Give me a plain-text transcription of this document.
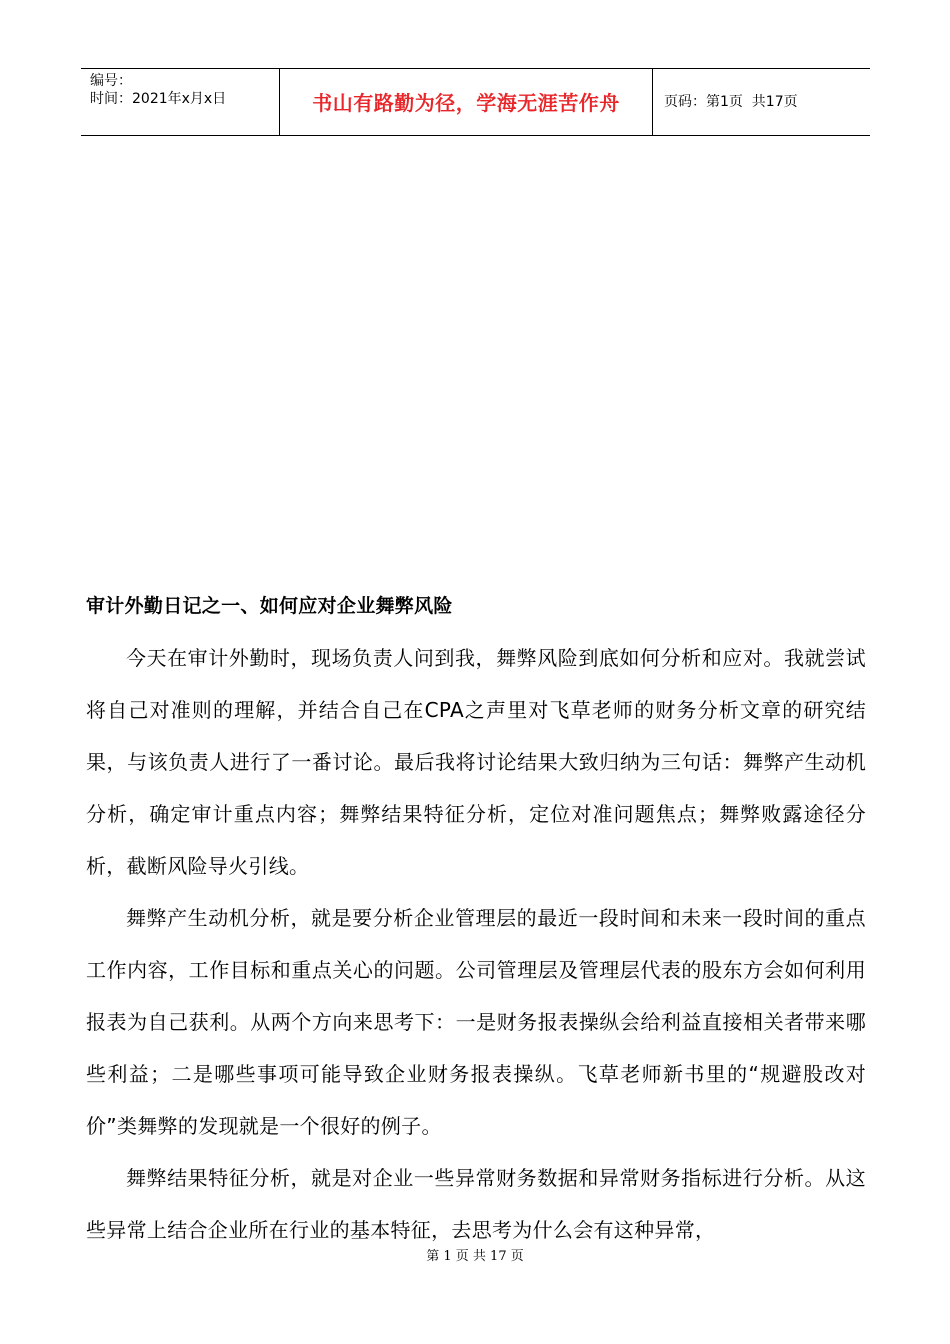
编号：
时间：2021年x月x日	书山有路勤为径，学海无涯苦作舟	页码：第1页  共17页
审计外勤日记之一、如何应对企业舞弊风险

今天在审计外勤时，现场负责人问到我，舞弊风险到底如何分析和应对。我就尝试将自己对准则的理解，并结合自己在CPA之声里对飞草老师的财务分析文章的研究结果，与该负责人进行了一番讨论。最后我将讨论结果大致归纳为三句话：舞弊产生动机分析，确定审计重点内容；舞弊结果特征分析，定位对准问题焦点；舞弊败露途径分析，截断风险导火引线。

舞弊产生动机分析，就是要分析企业管理层的最近一段时间和未来一段时间的重点工作内容，工作目标和重点关心的问题。公司管理层及管理层代表的股东方会如何利用报表为自己获利。从两个方向来思考下：一是财务报表操纵会给利益直接相关者带来哪些利益；二是哪些事项可能导致企业财务报表操纵。飞草老师新书里的“规避股改对价”类舞弊的发现就是一个很好的例子。

舞弊结果特征分析，就是对企业一些异常财务数据和异常财务指标进行分析。从这些异常上结合企业所在行业的基本特征，去思考为什么会有这种异常，

第 1 页 共 17 页
